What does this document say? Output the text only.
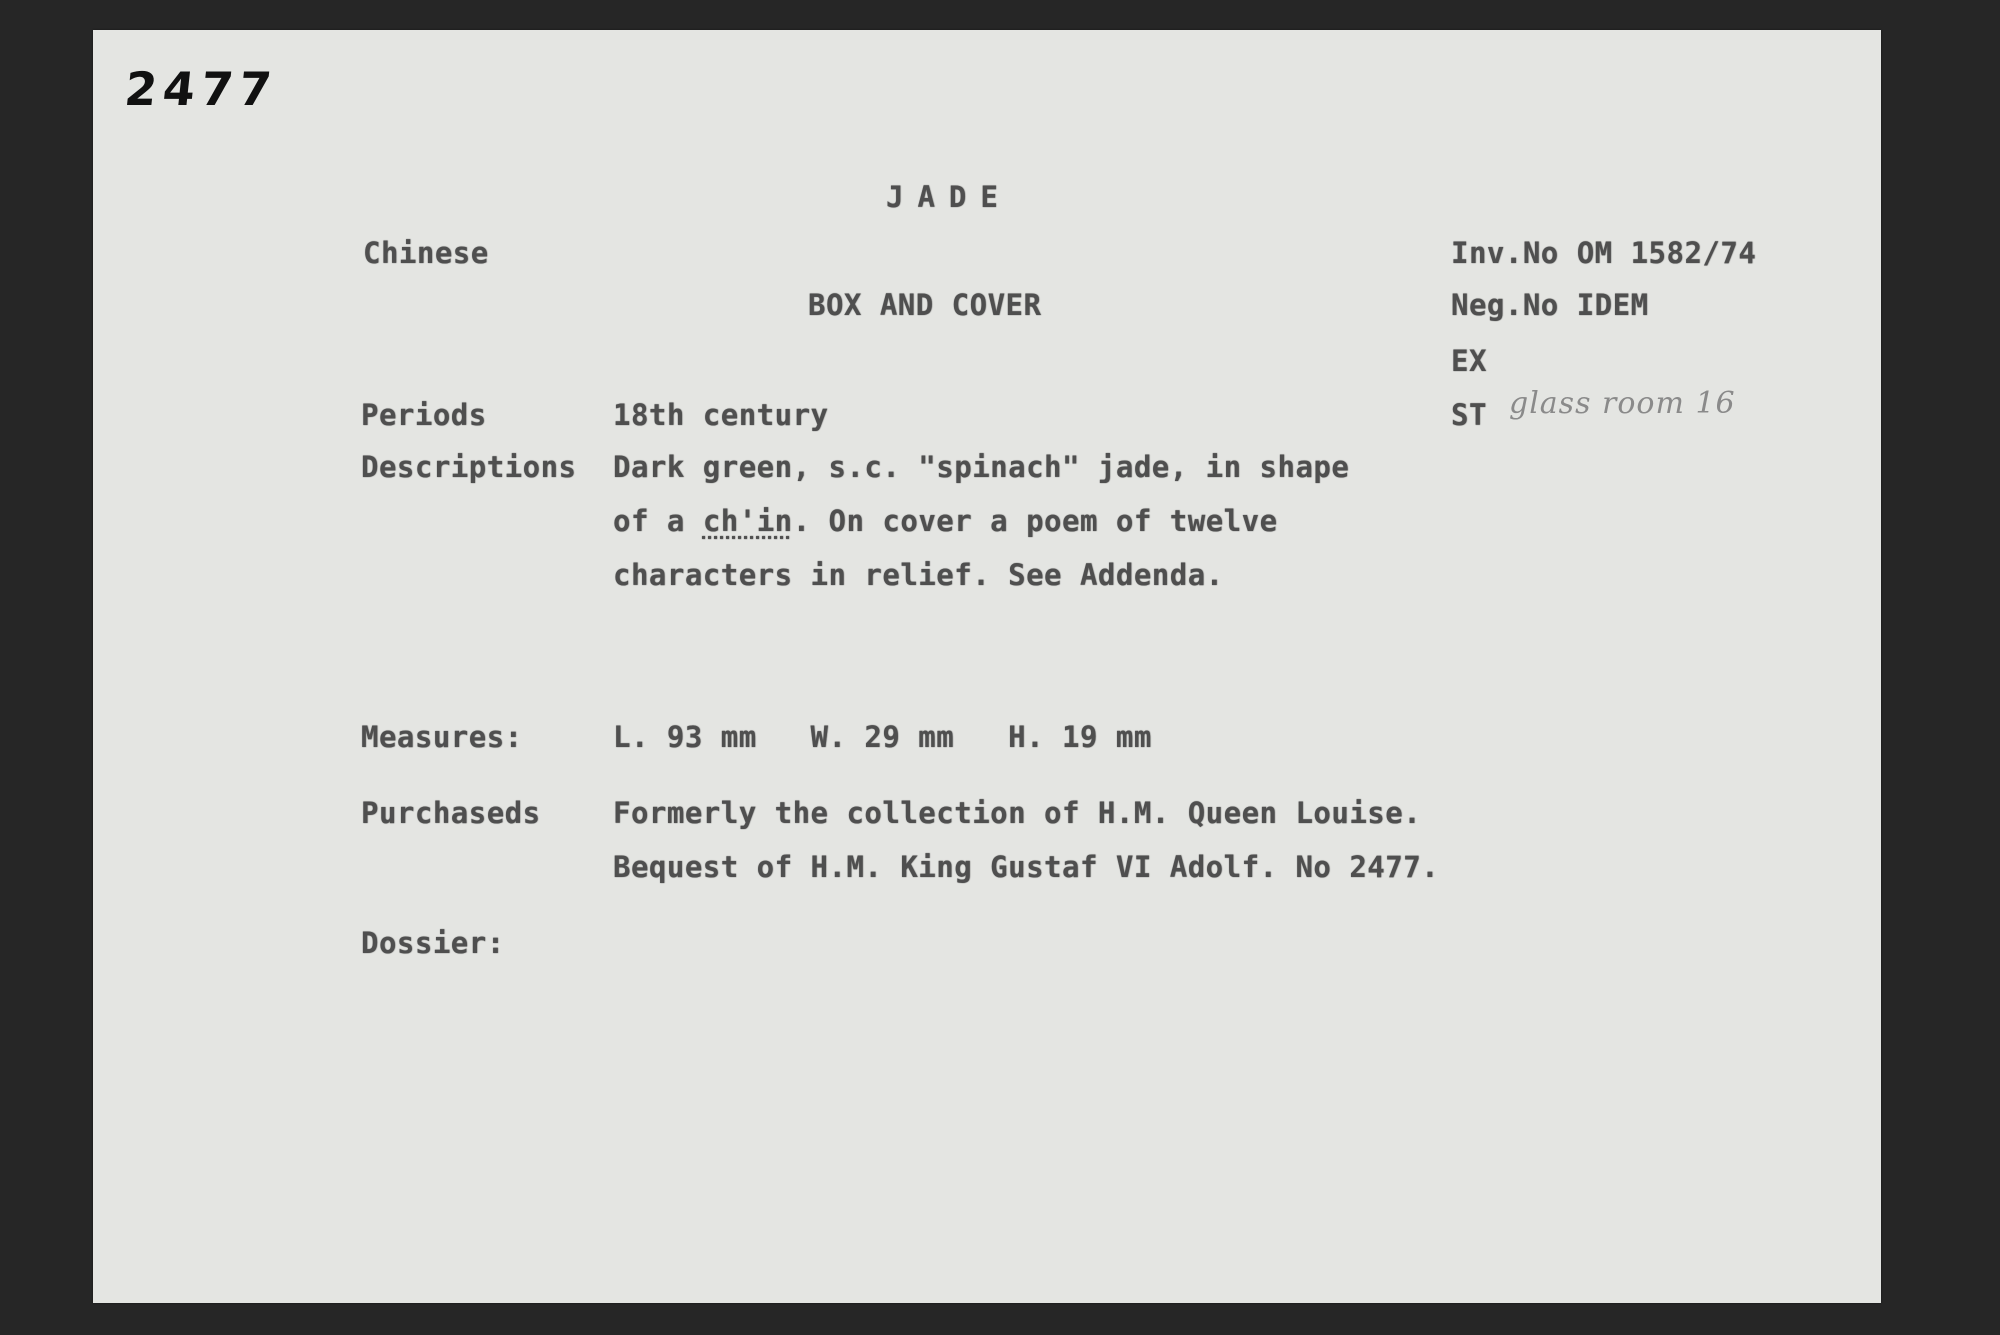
2477
JADE
Chinese
BOX AND COVER
Inv.No OM 1582/74
Neg.No IDEM
EX
ST glass room 16
Periods	18th century
Descriptions Dark green, s.c. "spinach" jade, in shape
of a ch'in. On cover a poem of twelve
characters in relief. See Addenda.
Measures:	L. 93 mm   W. 29 mm   H. 19 mm
Purchaseds Formerly the collection of H.M. Queen Louise.
Bequest of H.M. King Gustaf VI Adolf. No 2477.
Dossier:
